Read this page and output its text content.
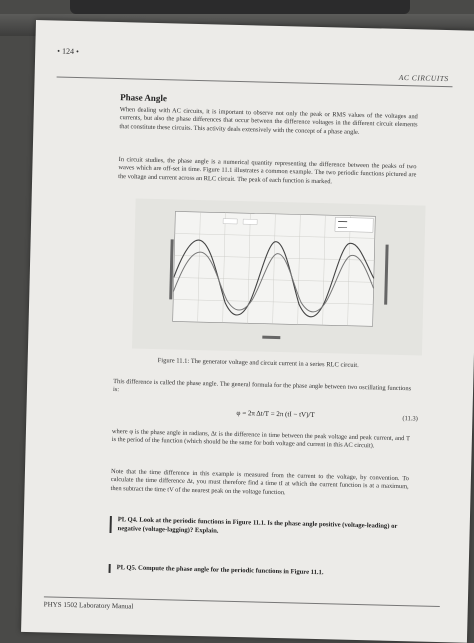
• 124 •
AC CIRCUITS
Phase Angle

When dealing with AC circuits, it is important to observe not only the peak or RMS values of the voltages and currents, but also the phase differences that occur between the difference voltages in the different circuit elements that constitute these circuits. This activity deals extensively with the concept of a phase angle.

In circuit studies, the phase angle is a numerical quantity representing the difference between the peaks of two waves which are off-set in time. Figure 11.1 illustrates a common example. The two periodic functions pictured are the voltage and current across an RLC circuit. The peak of each function is marked.

Figure 11.1: The generator voltage and circuit current in a series RLC circuit.

This difference is called the phase angle. The general formula for the phase angle between two oscillating functions is:

φ = 2π Δt/T = 2π (tI − tV)/T	(11.3)

where φ is the phase angle in radians, Δt is the difference in time between the peak voltage and peak current, and T is the period of the function (which should be the same for both voltage and current in this AC circuit).

Note that the time difference in this example is measured from the current to the voltage, by convention. To calculate the time difference Δt, you must therefore find a time tI at which the current function is at a maximum, then subtract the time tV of the nearest peak on the voltage function.

PL Q4. Look at the periodic functions in Figure 11.1. Is the phase angle positive (voltage-leading) or negative (voltage-lagging)? Explain.
PL Q5. Compute the phase angle for the periodic functions in Figure 11.1.
PHYS 1502 Laboratory Manual
